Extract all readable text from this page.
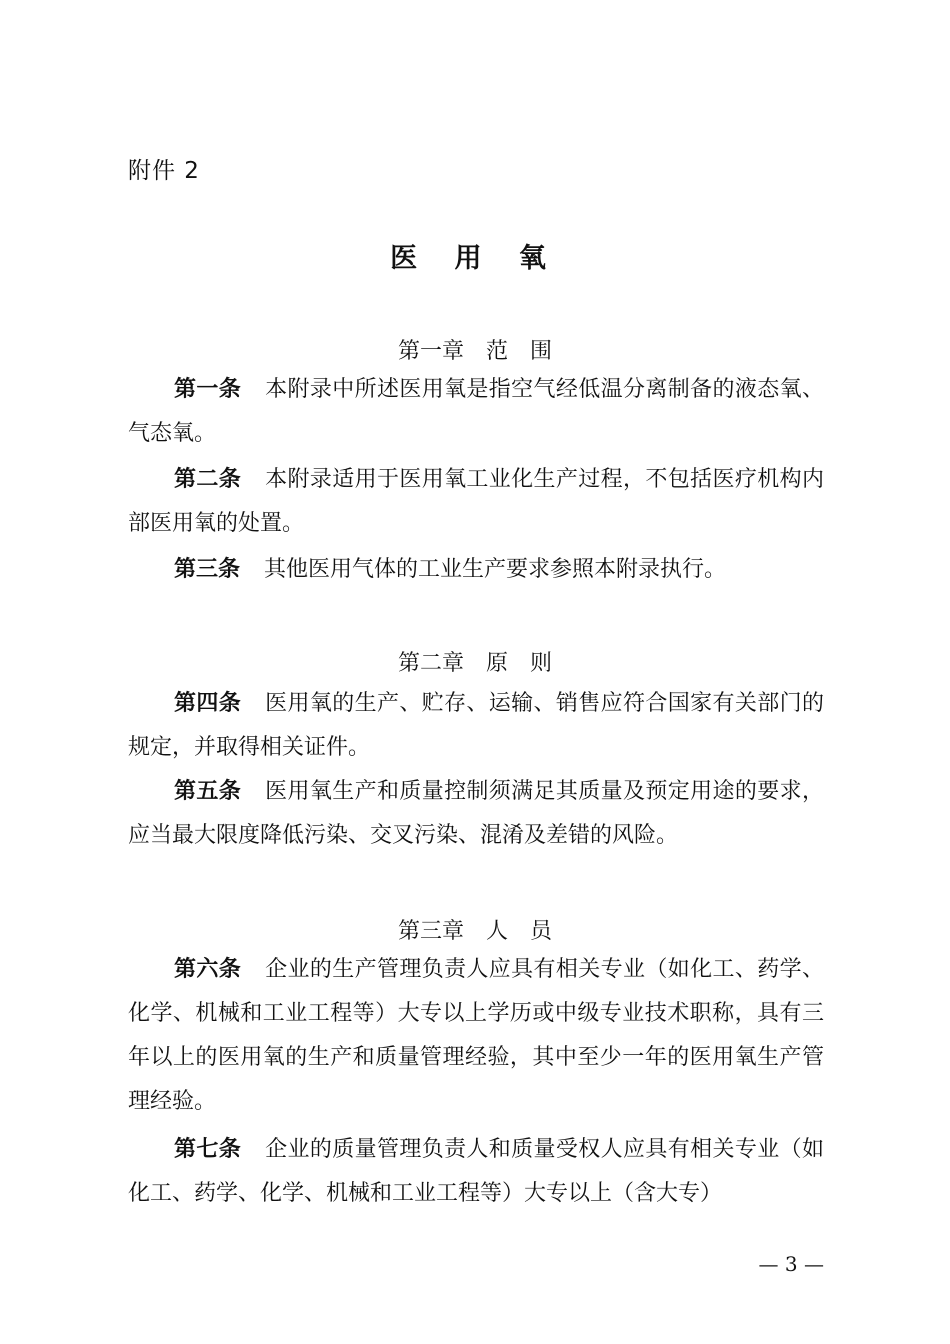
附件 2
医 用 氧
第一章　范　围
第一条 本附录中所述医用氧是指空气经低温分离制备的液态氧、气态氧。
第二条 本附录适用于医用氧工业化生产过程，不包括医疗机构内部医用氧的处置。
第三条 其他医用气体的工业生产要求参照本附录执行。
第二章　原　则
第四条 医用氧的生产、贮存、运输、销售应符合国家有关部门的规定，并取得相关证件。
第五条 医用氧生产和质量控制须满足其质量及预定用途的要求，应当最大限度降低污染、交叉污染、混淆及差错的风险。
第三章　人　员
第六条 企业的生产管理负责人应具有相关专业（如化工、药学、化学、机械和工业工程等）大专以上学历或中级专业技术职称，具有三年以上的医用氧的生产和质量管理经验，其中至少一年的医用氧生产管理经验。
第七条 企业的质量管理负责人和质量受权人应具有相关专业（如化工、药学、化学、机械和工业工程等）大专以上（含大专）
— 3 —
